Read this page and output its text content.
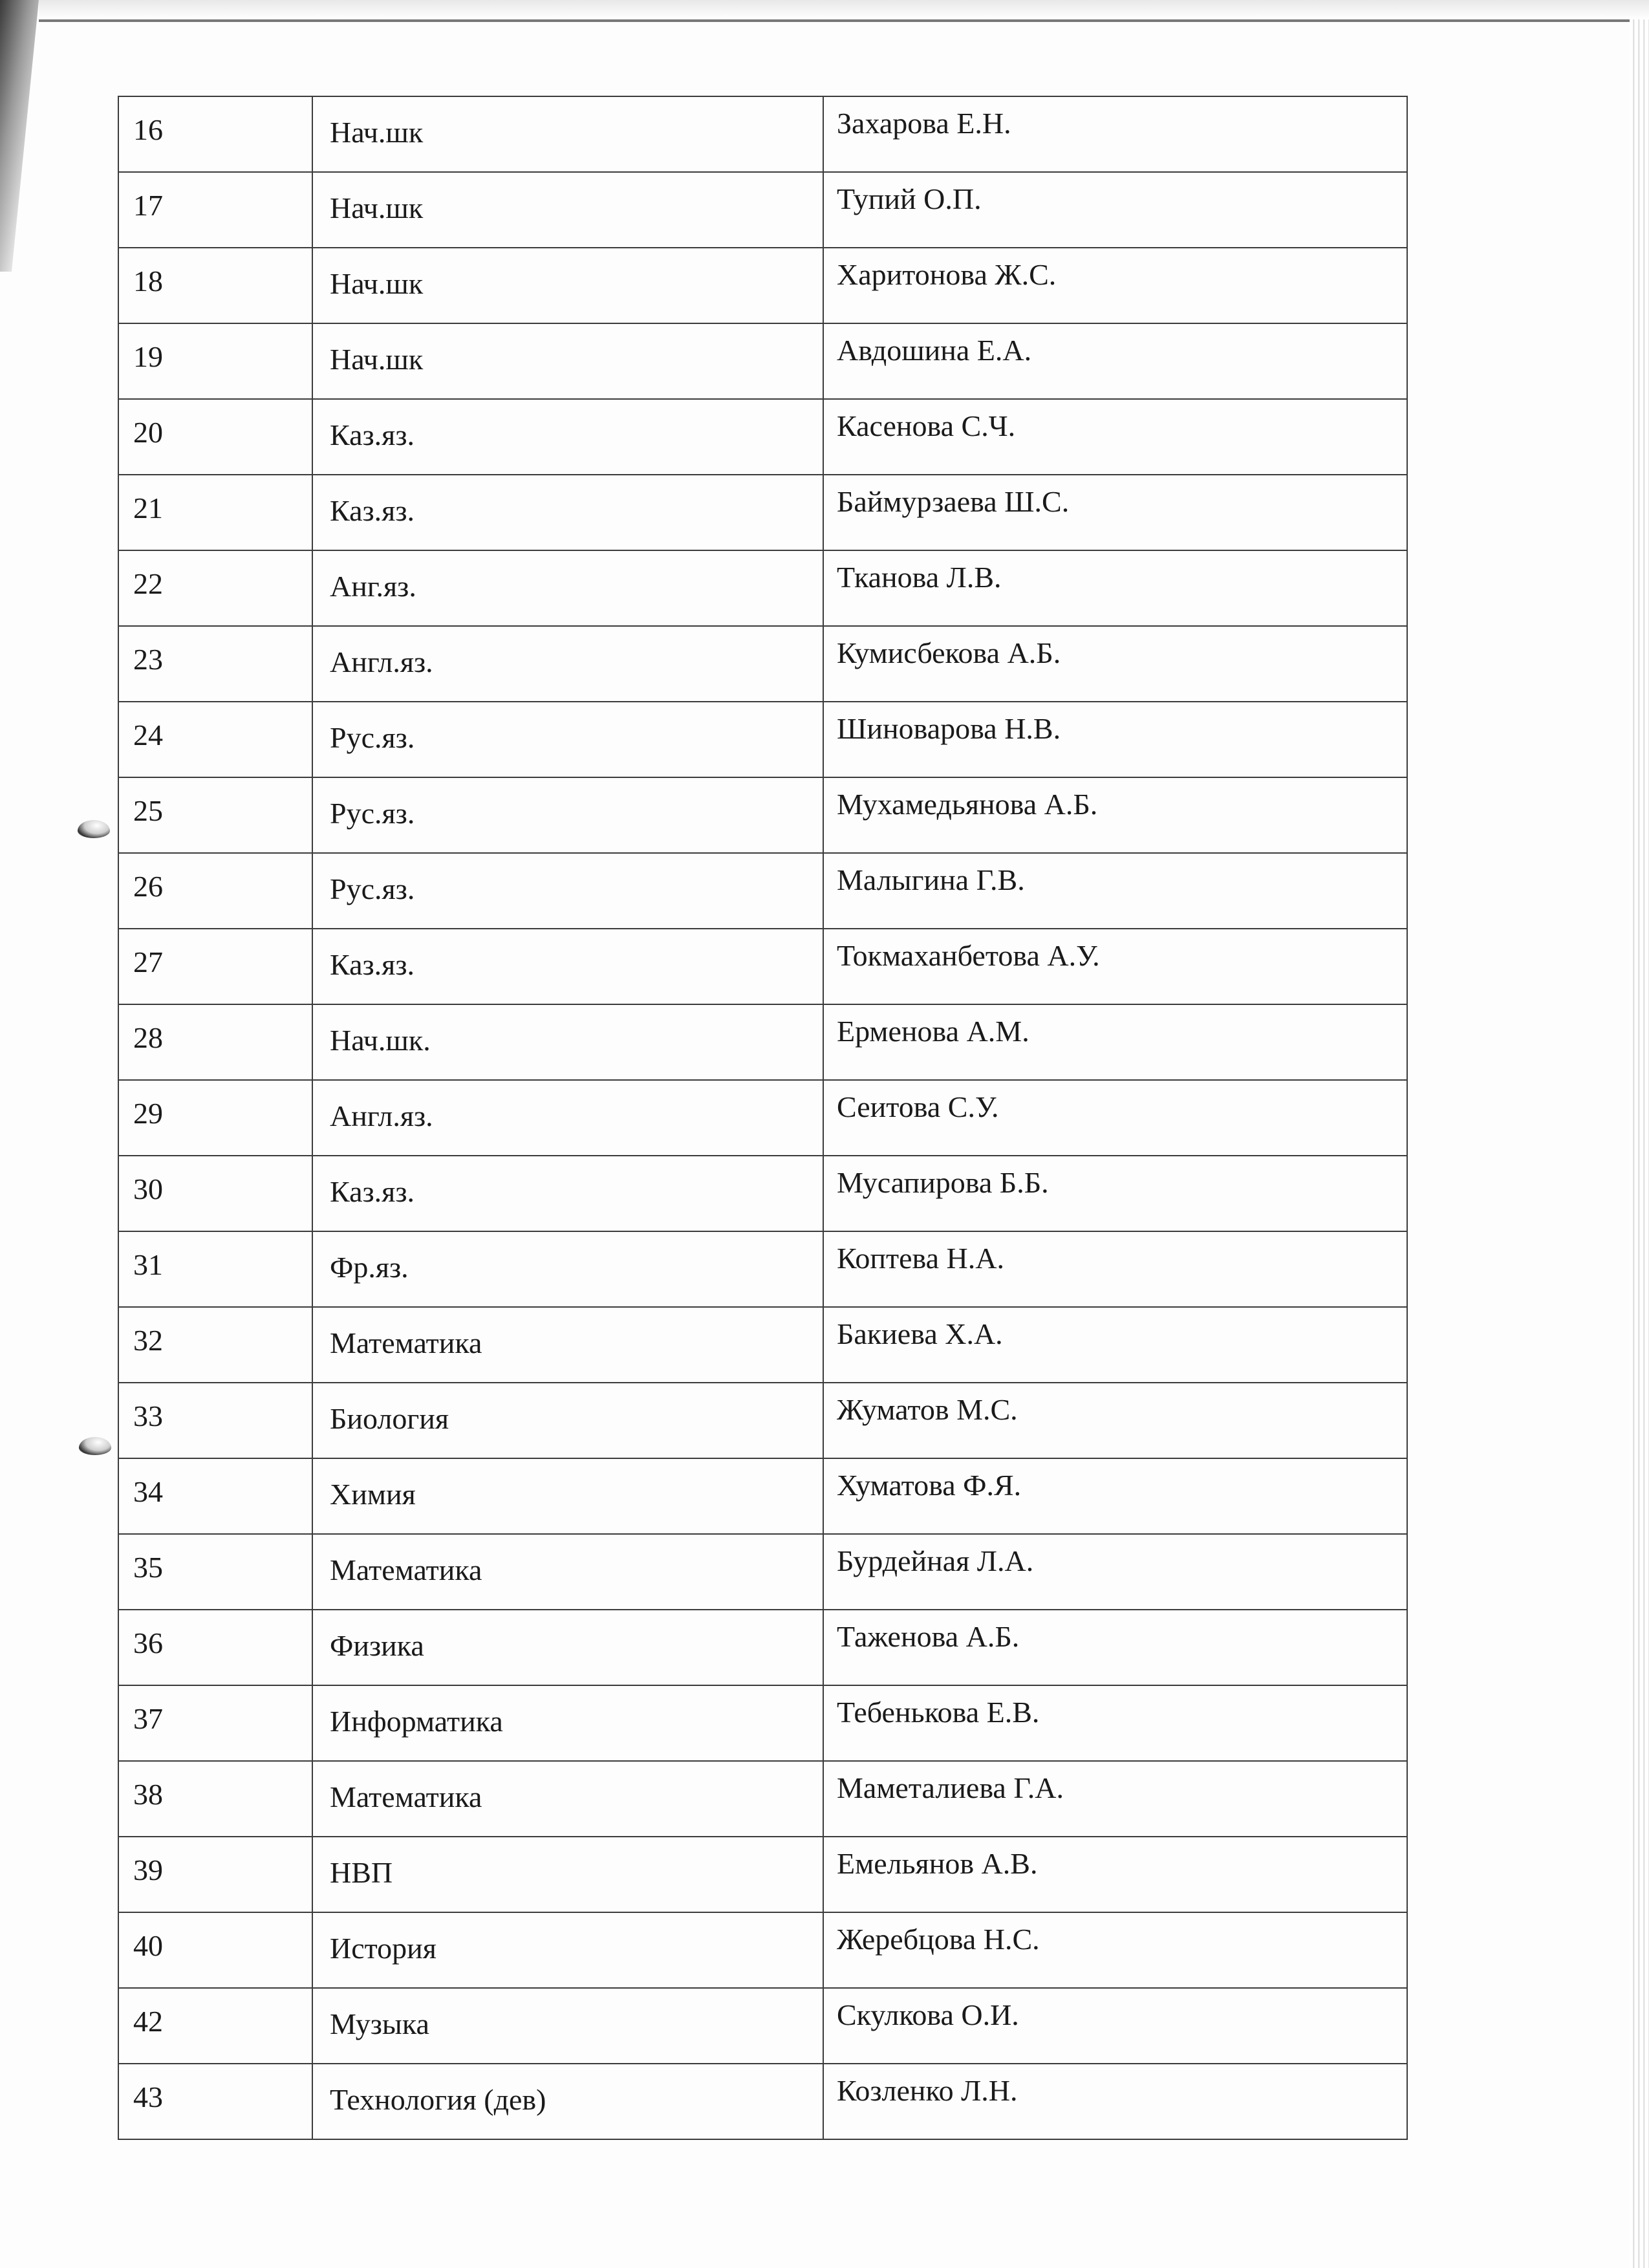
16	Нач.шк	Захарова Е.Н.
17	Нач.шк	Тупий О.П.
18	Нач.шк	Харитонова Ж.С.
19	Нач.шк	Авдошина Е.А.
20	Каз.яз.	Касенова С.Ч.
21	Каз.яз.	Баймурзаева Ш.С.
22	Анг.яз.	Тканова Л.В.
23	Англ.яз.	Кумисбекова А.Б.
24	Рус.яз.	Шиноварова Н.В.
25	Рус.яз.	Мухамедьянова А.Б.
26	Рус.яз.	Малыгина Г.В.
27	Каз.яз.	Токмаханбетова А.У.
28	Нач.шк.	Ерменова А.М.
29	Англ.яз.	Сеитова С.У.
30	Каз.яз.	Мусапирова Б.Б.
31	Фр.яз.	Коптева Н.А.
32	Математика	Бакиева Х.А.
33	Биология	Жуматов М.С.
34	Химия	Хуматова Ф.Я.
35	Математика	Бурдейная Л.А.
36	Физика	Таженова А.Б.
37	Информатика	Тебенькова Е.В.
38	Математика	Маметалиева Г.А.
39	НВП	Емельянов А.В.
40	История	Жеребцова Н.С.
42	Музыка	Скулкова О.И.
43	Технология (дев)	Козленко Л.Н.
